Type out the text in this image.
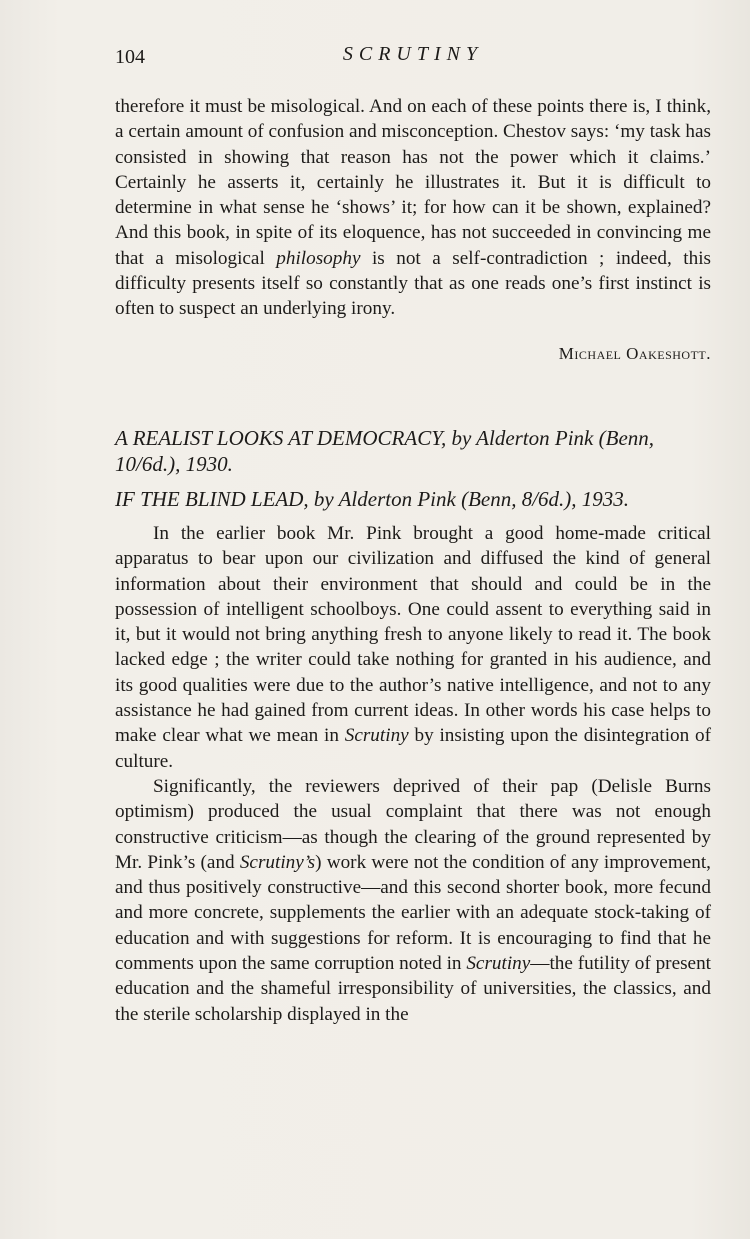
104	SCRUTINY

therefore it must be misological. And on each of these points there is, I think, a certain amount of confusion and misconception. Chestov says: ‘my task has consisted in showing that reason has not the power which it claims.’ Certainly he asserts it, certainly he illustrates it. But it is difficult to determine in what sense he ‘shows’ it; for how can it be shown, explained? And this book, in spite of its eloquence, has not succeeded in convincing me that a misological philosophy is not a self-contradiction ; indeed, this difficulty presents itself so constantly that as one reads one’s first instinct is often to suspect an underlying irony.

Michael Oakeshott.
A REALIST LOOKS AT DEMOCRACY, by Alderton Pink (Benn, 10/6d.), 1930.
IF THE BLIND LEAD, by Alderton Pink (Benn, 8/6d.), 1933.

In the earlier book Mr. Pink brought a good home-made critical apparatus to bear upon our civilization and diffused the kind of general information about their environment that should and could be in the possession of intelligent schoolboys. One could assent to everything said in it, but it would not bring anything fresh to anyone likely to read it. The book lacked edge ; the writer could take nothing for granted in his audience, and its good qualities were due to the author’s native intelligence, and not to any assistance he had gained from current ideas. In other words his case helps to make clear what we mean in Scrutiny by insisting upon the disintegration of culture.

Significantly, the reviewers deprived of their pap (Delisle Burns optimism) produced the usual complaint that there was not enough constructive criticism—as though the clearing of the ground represented by Mr. Pink’s (and Scrutiny’s) work were not the condition of any improvement, and thus positively constructive—and this second shorter book, more fecund and more concrete, supplements the earlier with an adequate stock-taking of education and with suggestions for reform. It is encouraging to find that he comments upon the same corruption noted in Scrutiny—the futility of present education and the shameful irresponsibility of universities, the classics, and the sterile scholarship displayed in the
